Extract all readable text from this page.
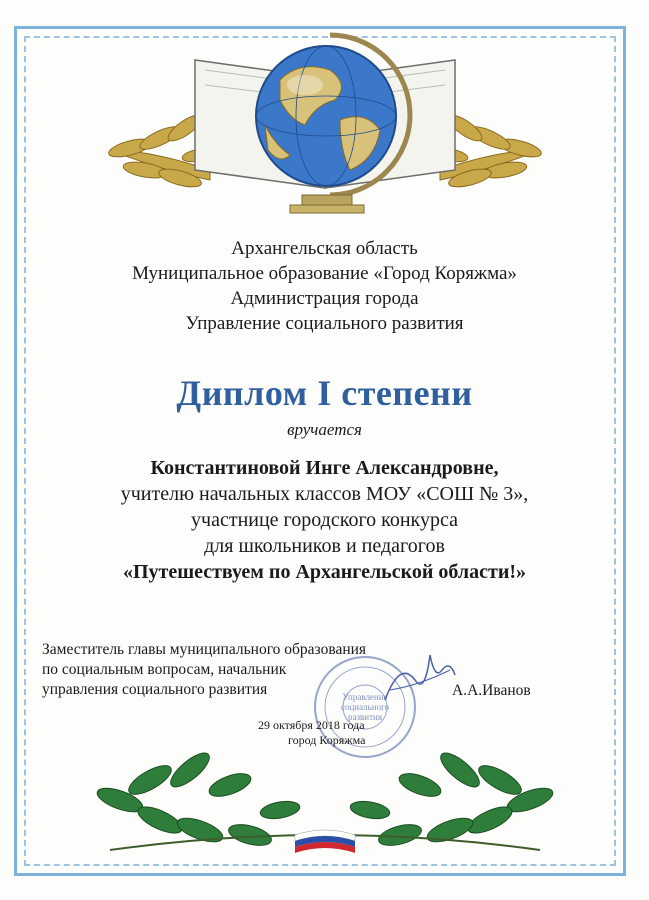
Архангельская область
Муниципальное образование «Город Коряжма»
Администрация города
Управление социального развития
Диплом I степени
вручается
Константиновой Инге Александровне,
учителю начальных классов МОУ «СОШ № 3»,
участнице городского конкурса
для школьников и педагогов
«Путешествуем по Архангельской области!»
Управление
социального
развития
Заместитель главы муниципального образования
по социальным вопросам, начальник
управления социального развития	А.А.Иванов
29 октября 2018 года
город Коряжма
